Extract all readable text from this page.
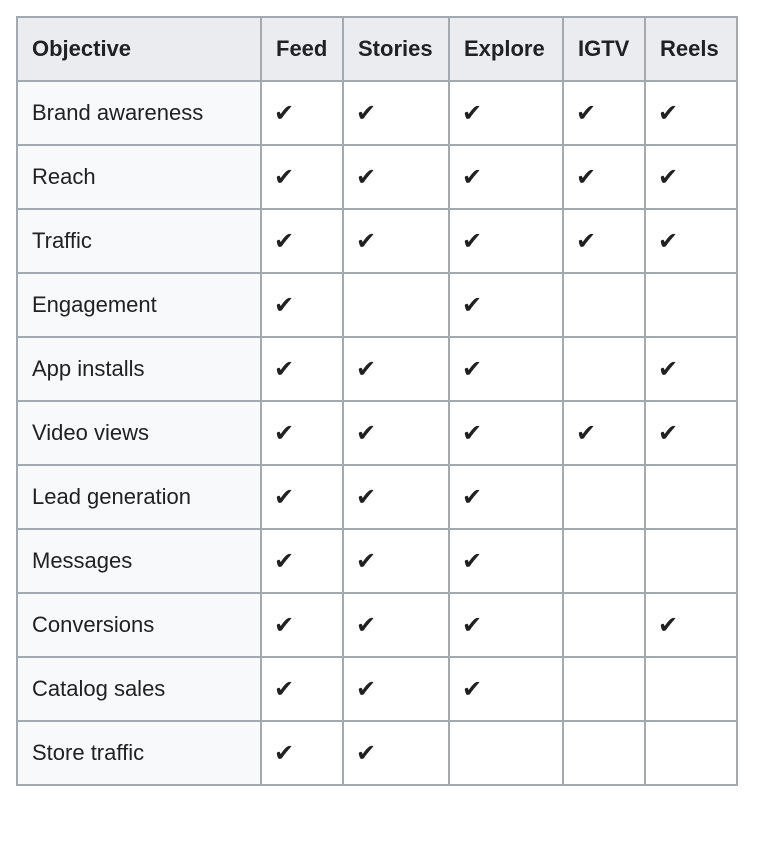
Objective	Feed	Stories	Explore	IGTV	Reels
Brand awareness	✔	✔	✔	✔	✔
Reach	✔	✔	✔	✔	✔
Traffic	✔	✔	✔	✔	✔
Engagement	✔		✔		
App installs	✔	✔	✔		✔
Video views	✔	✔	✔	✔	✔
Lead generation	✔	✔	✔		
Messages	✔	✔	✔		
Conversions	✔	✔	✔		✔
Catalog sales	✔	✔	✔		
Store traffic	✔	✔			
